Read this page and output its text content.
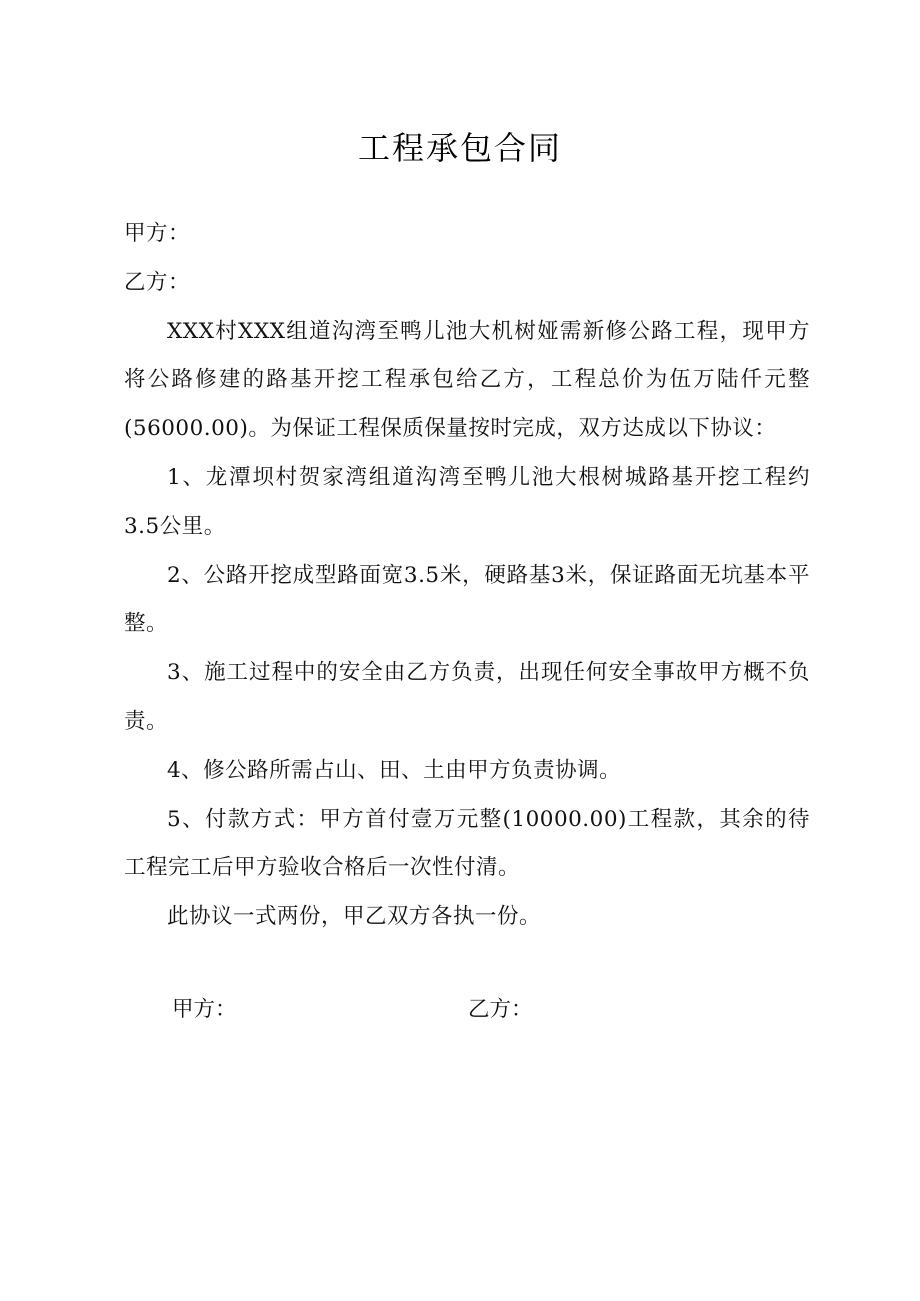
工程承包合同

甲方：

乙方：

XXX村XXX组道沟湾至鸭儿池大机树娅需新修公路工程，现甲方将公路修建的路基开挖工程承包给乙方，工程总价为伍万陆仟元整(56000.00)。为保证工程保质保量按时完成，双方达成以下协议：

1、龙潭坝村贺家湾组道沟湾至鸭儿池大根树城路基开挖工程约3.5公里。

2、公路开挖成型路面宽3.5米，硬路基3米，保证路面无坑基本平整。

3、施工过程中的安全由乙方负责，出现任何安全事故甲方概不负责。

4、修公路所需占山、田、土由甲方负责协调。

5、付款方式：甲方首付壹万元整(10000.00)工程款，其余的待工程完工后甲方验收合格后一次性付清。

此协议一式两份，甲乙双方各执一份。

甲方：	乙方：
